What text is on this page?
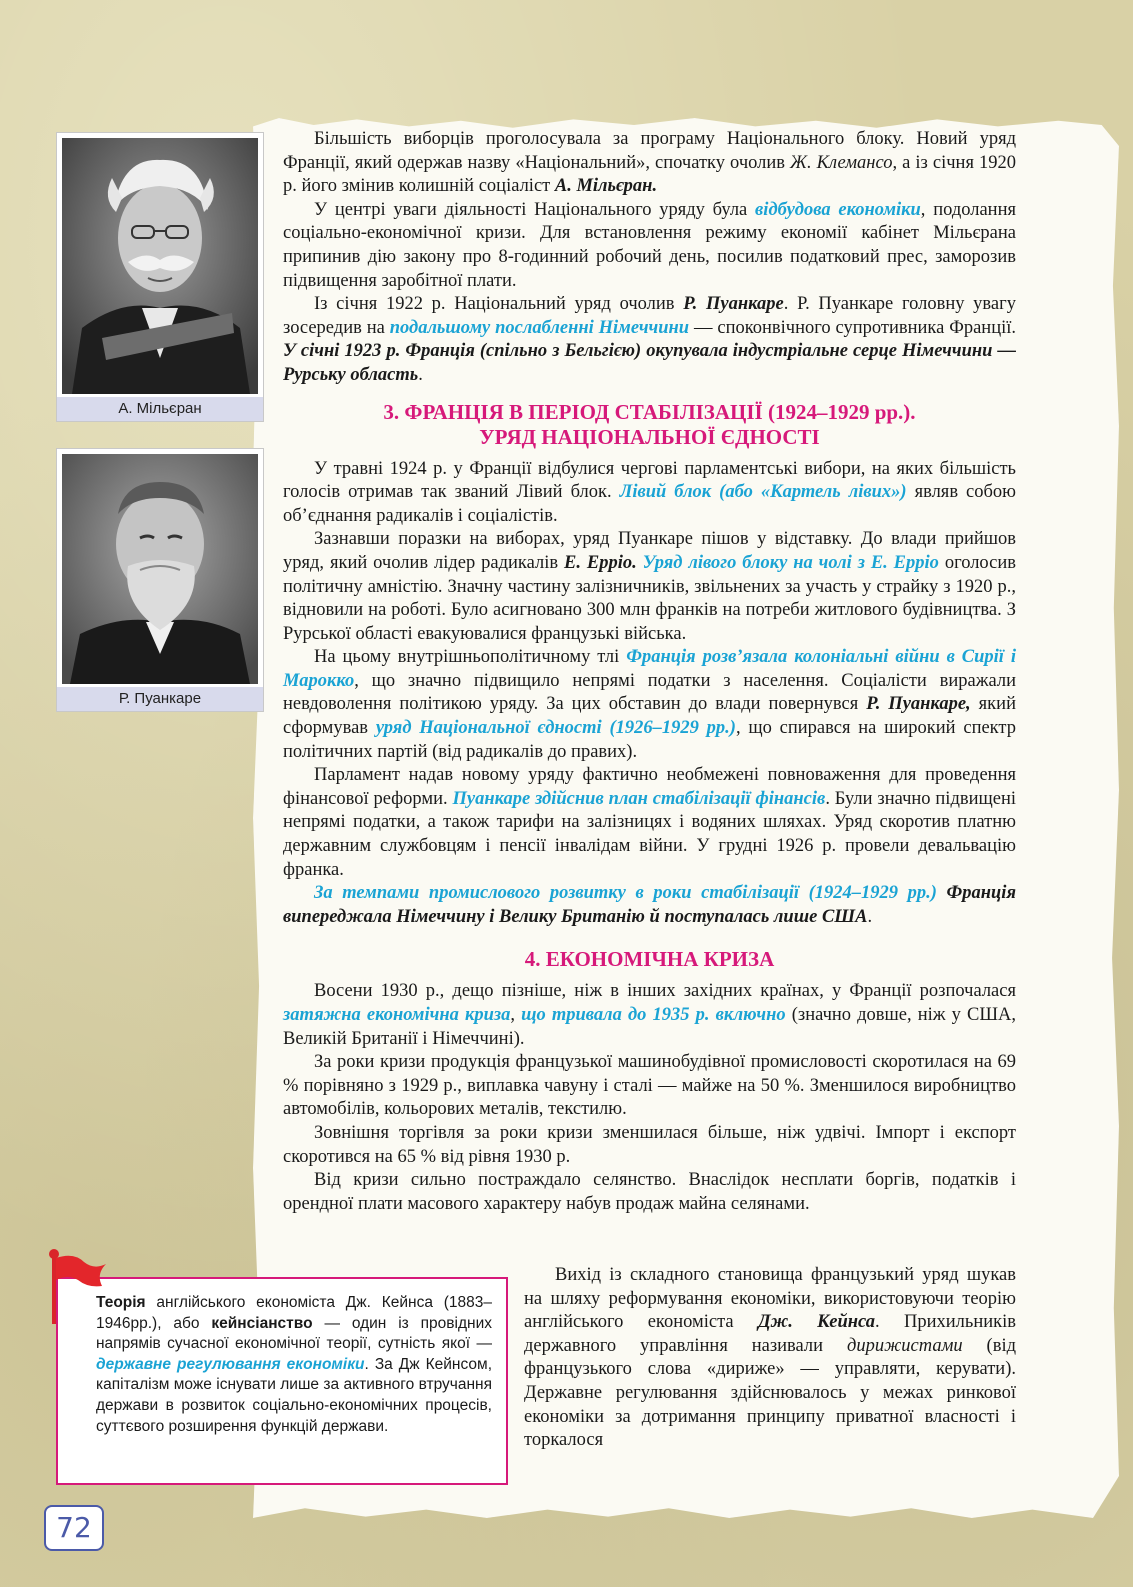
А. Мільєран
Р. Пуанкаре

Більшість виборців проголосувала за програму Національного блоку. Новий уряд Франції, який одержав назву «Національний», спочатку очолив Ж. Клемансо, а із січня 1920 р. його змінив колишній соціаліст А. Мільєран.

У центрі уваги діяльності Національного уряду була відбудова економіки, подолання соціально-економічної кризи. Для встановлення режиму економії кабінет Мільєрана припинив дію закону про 8-годинний робочий день, посилив податковий прес, заморозив підвищення заробітної плати.

Із січня 1922 р. Національний уряд очолив Р. Пуанкаре. Р. Пуанкаре головну увагу зосередив на подальшому послабленні Німеччини — споконвічного супротивника Франції. У січні 1923 р. Франція (спільно з Бельгією) окупувала індустріальне серце Німеччини — Рурську область.

3. ФРАНЦІЯ В ПЕРІОД СТАБІЛІЗАЦІЇ (1924–1929 рр.).
УРЯД НАЦІОНАЛЬНОЇ ЄДНОСТІ

У травні 1924 р. у Франції відбулися чергові парламентські вибори, на яких більшість голосів отримав так званий Лівий блок. Лівий блок (або «Картель лівих») являв собою об’єднання радикалів і соціалістів.

Зазнавши поразки на виборах, уряд Пуанкаре пішов у відставку. До влади прийшов уряд, який очолив лідер радикалів Е. Ерріо. Уряд лівого блоку на чолі з Е. Ерріо оголосив політичну амністію. Значну частину залізничників, звільнених за участь у страйку з 1920 р., відновили на роботі. Було асигновано 300 млн франків на потреби житлового будівництва. З Рурської області евакуювалися французькі війська.

На цьому внутрішньополітичному тлі Франція розв’язала колоніальні війни в Сирії і Марокко, що значно підвищило непрямі податки з населення. Соціалісти виражали невдоволення політикою уряду. За цих обставин до влади повернувся Р. Пуанкаре, який сформував уряд Національної єдності (1926–1929 рр.), що спирався на широкий спектр політичних партій (від радикалів до правих).

Парламент надав новому уряду фактично необмежені повноваження для проведення фінансової реформи. Пуанкаре здійснив план стабілізації фінансів. Були значно підвищені непрямі податки, а також тарифи на залізницях і водяних шляхах. Уряд скоротив платню державним службовцям і пенсії інвалідам війни. У грудні 1926 р. провели девальвацію франка.

За темпами промислового розвитку в роки стабілізації (1924–1929 рр.) Франція випереджала Німеччину і Велику Британію й поступалась лише США.

4. ЕКОНОМІЧНА КРИЗА

Восени 1930 р., дещо пізніше, ніж в інших західних країнах, у Франції розпочалася затяжна економічна криза, що тривала до 1935 р. включно (значно довше, ніж у США, Великій Британії і Німеччині).

За роки кризи продукція французької машинобудівної промисловості скоротилася на 69 % порівняно з 1929 р., виплавка чавуну і сталі — майже на 50 %. Зменшилося виробництво автомобілів, кольорових металів, текстилю.

Зовнішня торгівля за роки кризи зменшилася більше, ніж удвічі. Імпорт і експорт скоротився на 65 % від рівня 1930 р.

Від кризи сильно постраждало селянство. Внаслідок несплати боргів, податків і орендної плати масового характеру набув продаж майна селянами.

Вихід із складного становища французький уряд шукав на шляху реформування економіки, використовуючи теорію англійського економіста Дж. Кейнса. Прихильників державного управління називали дирижистами (від французького слова «дириже» — управляти, керувати). Державне регулювання здійснювалось у межах ринкової економіки за дотримання принципу приватної власності і торкалося

Теорія англійського економіста Дж. Кейнса (1883–1946рр.), або кейнсіанство — один із провідних напрямів сучасної економічної теорії, сутність якої — державне регулювання економіки. За Дж Кейнсом, капіталізм може існувати лише за активного втручання держави в розвиток соціально-економічних процесів, суттєвого розширення функцій держави.
72
